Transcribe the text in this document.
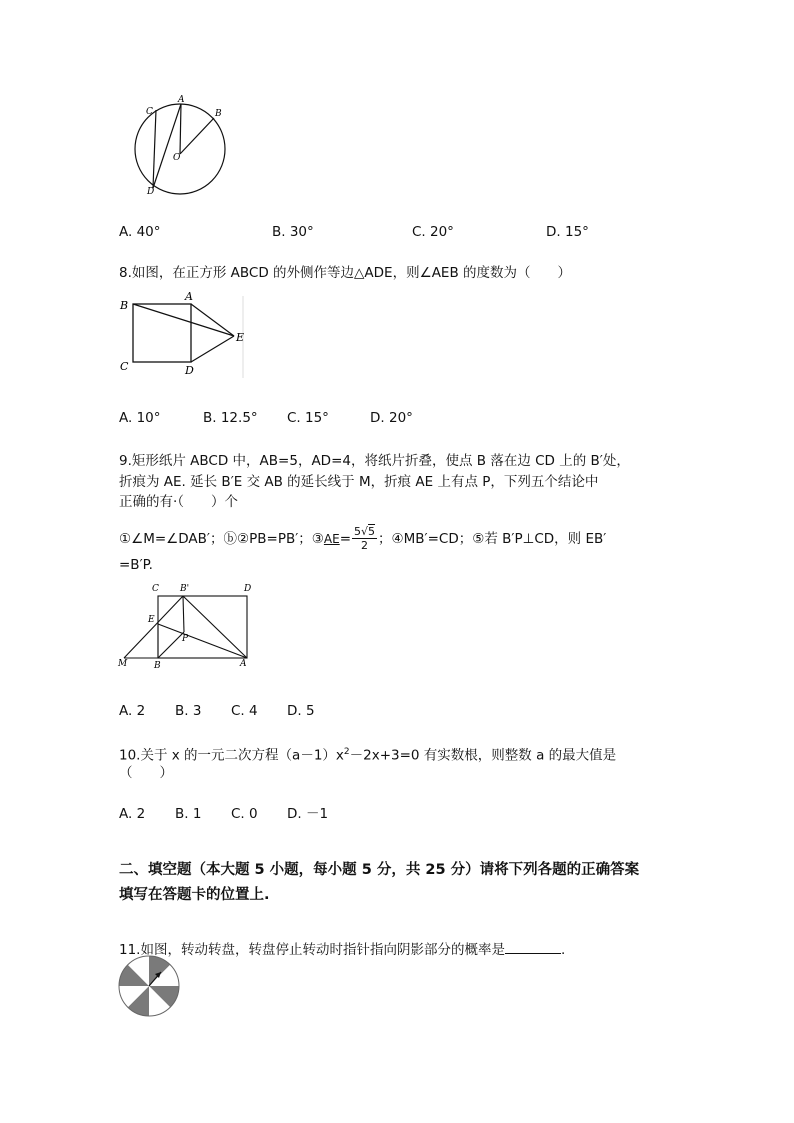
C
A
B
O
D
A. 40°	B. 30°	C. 20°	D. 15°
8.如图，在正方形 ABCD 的外侧作等边△ADE，则∠AEB 的度数为（　　）
B
A
E
C	D
A. 10°	B. 12.5° C. 15°	D. 20°
9.矩形纸片 ABCD 中，AB=5，AD=4，将纸片折叠，使点 B 落在边 CD 上的 B′处，
折痕为 AE. 延长 B′E 交 AB 的延长线于 M，折痕 AE 上有点 P，下列五个结论中
正确的有·（　　）个
①∠M=∠DAB′； ⓑ②PB=PB′；③ AE = $\frac{5√5}{2}$ ；④MB′=CD；⑤若 B′P⊥CD，则 EB′
=B′P.
C B'	D
E
P
M	B	A
A. 2 B. 3 C. 4 D. 5
10.关于 x 的一元二次方程$(a-1)x^2-2x+3=0$ 有实数根，则整数 a 的最大值是
（　　）
A. 2 B. 1 C. 0 D. －1
二、填空题（本大题 5 小题，每小题 5 分，共 25 分）请将下列各题的正确答案
填写在答题卡的位置上.
11.如图，转动转盘，转盘停止转动时指针指向阴影部分的概率是	.
